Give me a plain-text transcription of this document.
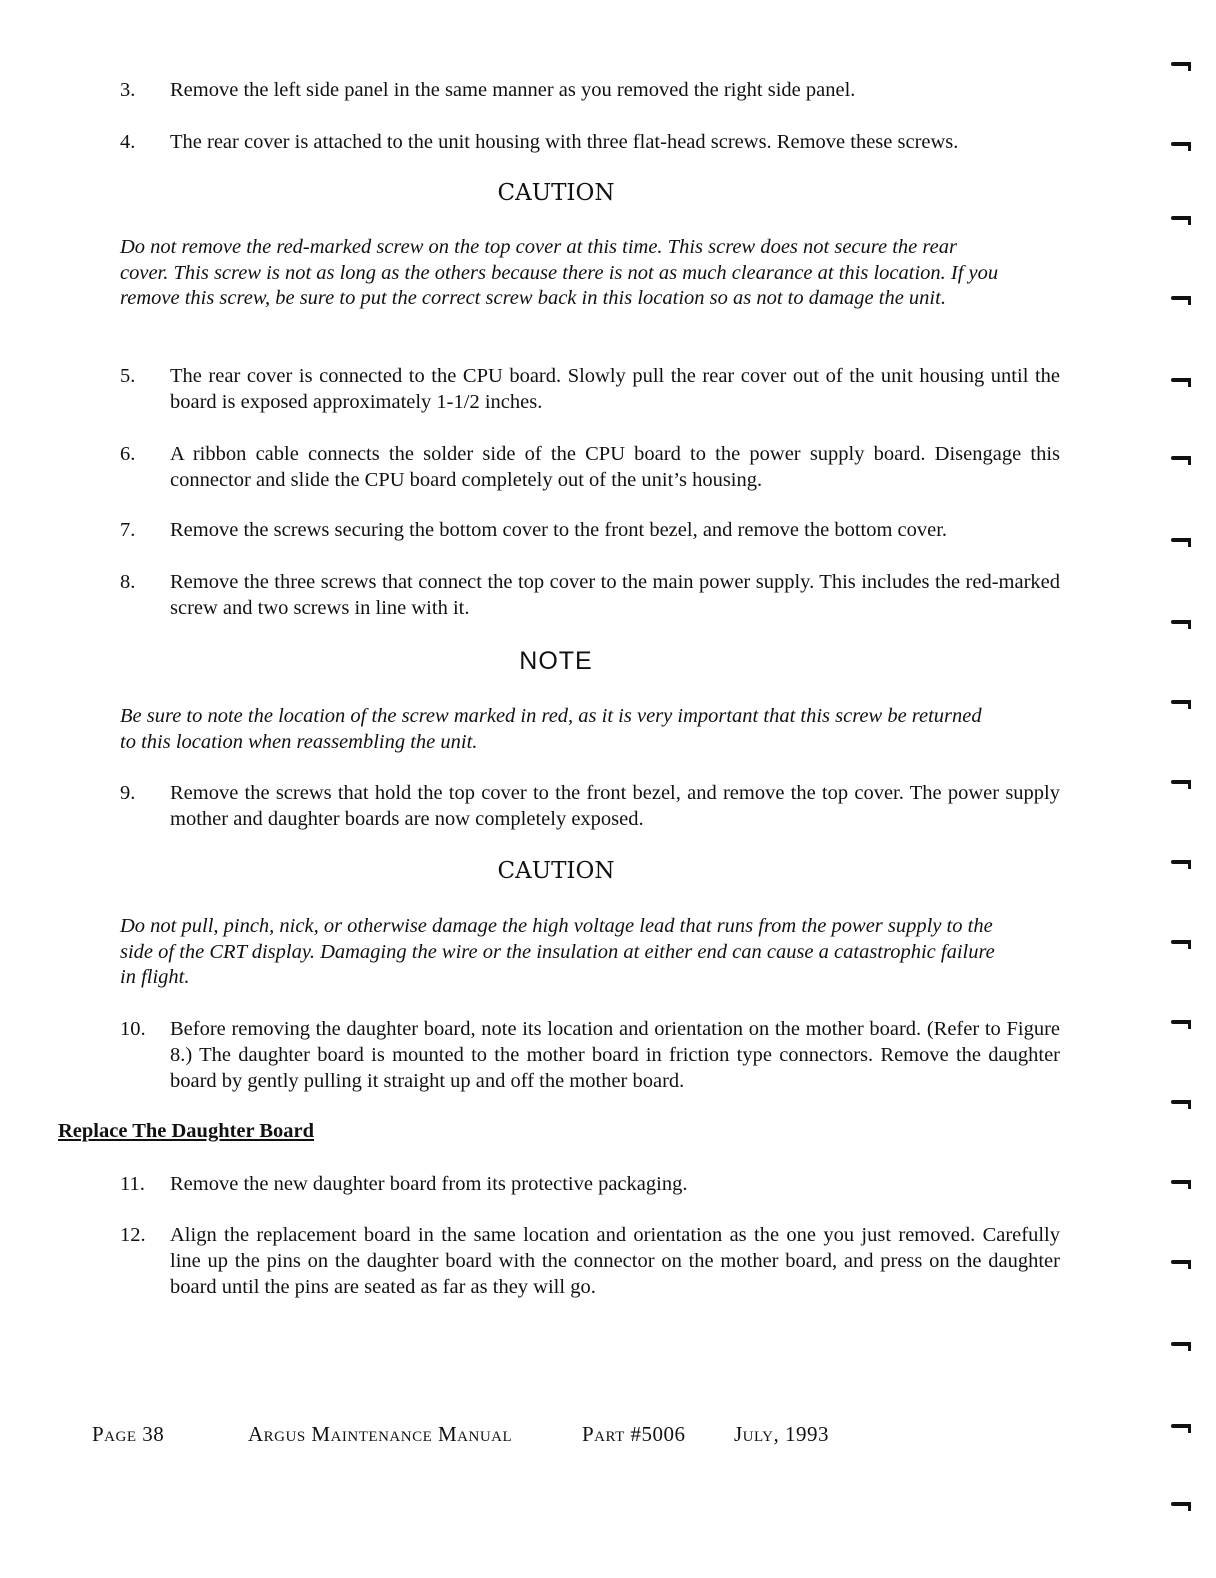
3.	Remove the left side panel in the same manner as you removed the right side panel.
4.	The rear cover is attached to the unit housing with three flat-head screws. Remove these screws.
CAUTION
Do not remove the red-marked screw on the top cover at this time. This screw does not secure the rear cover. This screw is not as long as the others because there is not as much clearance at this location. If you remove this screw, be sure to put the correct screw back in this location so as not to damage the unit.
5.	The rear cover is connected to the CPU board. Slowly pull the rear cover out of the unit housing until the board is exposed approximately 1-1/2 inches.
6.	A ribbon cable connects the solder side of the CPU board to the power supply board. Disengage this connector and slide the CPU board completely out of the unit’s housing.
7.	Remove the screws securing the bottom cover to the front bezel, and remove the bottom cover.
8.	Remove the three screws that connect the top cover to the main power supply. This includes the red-marked screw and two screws in line with it.
NOTE
Be sure to note the location of the screw marked in red, as it is very important that this screw be returned to this location when reassembling the unit.
9.	Remove the screws that hold the top cover to the front bezel, and remove the top cover. The power supply mother and daughter boards are now completely exposed.
CAUTION
Do not pull, pinch, nick, or otherwise damage the high voltage lead that runs from the power supply to the side of the CRT display. Damaging the wire or the insulation at either end can cause a catastrophic failure in flight.
10.	Before removing the daughter board, note its location and orientation on the mother board. (Refer to Figure 8.) The daughter board is mounted to the mother board in friction type connectors. Remove the daughter board by gently pulling it straight up and off the mother board.
Replace The Daughter Board
11.	Remove the new daughter board from its protective packaging.
12.	Align the replacement board in the same location and orientation as the one you just removed. Carefully line up the pins on the daughter board with the connector on the mother board, and press on the daughter board until the pins are seated as far as they will go.
Page 38	Argus Maintenance Manual	Part #5006 July, 1993
